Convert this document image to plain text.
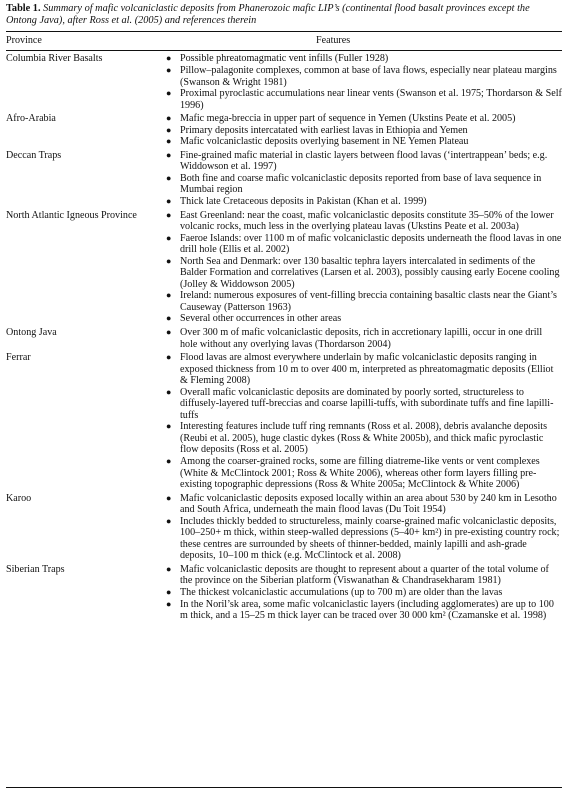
Table 1. Summary of mafic volcaniclastic deposits from Phanerozoic mafic LIP’s (continental flood basalt provinces except the Ontong Java), after Ross et al. (2005) and references therein
Province	Features
Columbia River Basalts	● Possible phreatomagmatic vent infills (Fuller 1928)
● Pillow–palagonite complexes, common at base of lava flows, especially near plateau margins (Swanson & Wright 1981)
● Proximal pyroclastic accumulations near linear vents (Swanson et al. 1975; Thordarson & Self 1996)
Afro-Arabia	● Mafic mega-breccia in upper part of sequence in Yemen (Ukstins Peate et al. 2005)
● Primary deposits intercatated with earliest lavas in Ethiopia and Yemen
● Mafic volcaniclastic deposits overlying basement in NE Yemen Plateau
Deccan Traps	● Fine-grained mafic material in clastic layers between flood lavas (‘intertrappean’ beds; e.g. Widdowson et al. 1997)
● Both fine and coarse mafic volcaniclastic deposits reported from base of lava sequence in Mumbai region
● Thick late Cretaceous deposits in Pakistan (Khan et al. 1999)
North Atlantic Igneous Province	● East Greenland: near the coast, mafic volcaniclastic deposits constitute 35–50% of the lower volcanic rocks, much less in the overlying plateau lavas (Ukstins Peate et al. 2003a)
● Faeroe Islands: over 1100 m of mafic volcaniclastic deposits underneath the flood lavas in one drill hole (Ellis et al. 2002)
● North Sea and Denmark: over 130 basaltic tephra layers intercalated in sediments of the Balder Formation and correlatives (Larsen et al. 2003), possibly causing early Eocene cooling (Jolley & Widdowson 2005)
● Ireland: numerous exposures of vent-filling breccia containing basaltic clasts near the Giant’s Causeway (Patterson 1963)
● Several other occurrences in other areas
Ontong Java	● Over 300 m of mafic volcaniclastic deposits, rich in accretionary lapilli, occur in one drill hole without any overlying lavas (Thordarson 2004)
Ferrar	● Flood lavas are almost everywhere underlain by mafic volcaniclastic deposits ranging in exposed thickness from 10 m to over 400 m, interpreted as phreatomagmatic deposits (Elliot & Fleming 2008)
● Overall mafic volcaniclastic deposits are dominated by poorly sorted, structureless to diffusely-layered tuff-breccias and coarse lapilli-tuffs, with subordinate tuffs and fine lapilli-tuffs
● Interesting features include tuff ring remnants (Ross et al. 2008), debris avalanche deposits (Reubi et al. 2005), huge clastic dykes (Ross & White 2005b), and thick mafic pyroclastic flow deposits (Ross et al. 2005)
● Among the coarser-grained rocks, some are filling diatreme-like vents or vent complexes (White & McClintock 2001; Ross & White 2006), whereas other form layers filling pre-existing topographic depressions (Ross & White 2005a; McClintock & White 2006)
Karoo	● Mafic volcaniclastic deposits exposed locally within an area about 530 by 240 km in Lesotho and South Africa, underneath the main flood lavas (Du Toit 1954)
● Includes thickly bedded to structureless, mainly coarse-grained mafic volcaniclastic deposits, 100–250+ m thick, within steep-walled depressions (5–40+ km²) in pre-existing country rock; these centres are surrounded by sheets of thinner-bedded, mainly lapilli and ash-grade deposits, 10–100 m thick (e.g. McClintock et al. 2008)
Siberian Traps	● Mafic volcaniclastic deposits are thought to represent about a quarter of the total volume of the province on the Siberian platform (Viswanathan & Chandrasekharam 1981)
● The thickest volcaniclastic accumulations (up to 700 m) are older than the lavas
● In the Noril’sk area, some mafic volcaniclastic layers (including agglomerates) are up to 100 m thick, and a 15–25 m thick layer can be traced over 30 000 km² (Czamanske et al. 1998)
